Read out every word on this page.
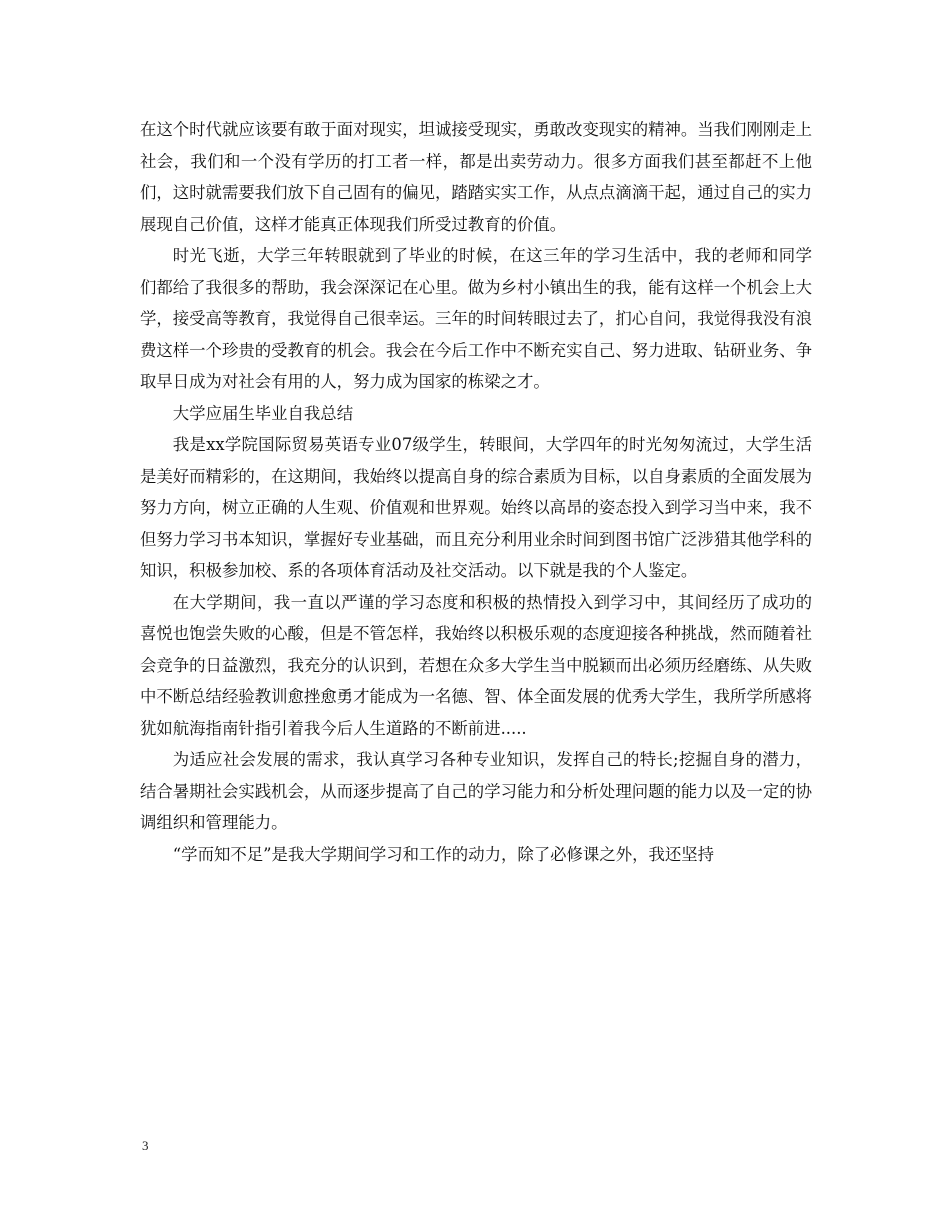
在这个时代就应该要有敢于面对现实，坦诚接受现实，勇敢改变现实的精神。当我们刚刚走上社会，我们和一个没有学历的打工者一样，都是出卖劳动力。很多方面我们甚至都赶不上他们，这时就需要我们放下自己固有的偏见，踏踏实实工作，从点点滴滴干起，通过自己的实力展现自己价值，这样才能真正体现我们所受过教育的价值。

时光飞逝，大学三年转眼就到了毕业的时候，在这三年的学习生活中，我的老师和同学们都给了我很多的帮助，我会深深记在心里。做为乡村小镇出生的我，能有这样一个机会上大学，接受高等教育，我觉得自己很幸运。三年的时间转眼过去了，扪心自问，我觉得我没有浪费这样一个珍贵的受教育的机会。我会在今后工作中不断充实自己、努力进取、钻研业务、争取早日成为对社会有用的人，努力成为国家的栋梁之才。

大学应届生毕业自我总结

我是xx学院国际贸易英语专业07级学生，转眼间，大学四年的时光匆匆流过，大学生活是美好而精彩的，在这期间，我始终以提高自身的综合素质为目标，以自身素质的全面发展为努力方向，树立正确的人生观、价值观和世界观。始终以高昂的姿态投入到学习当中来，我不但努力学习书本知识，掌握好专业基础，而且充分利用业余时间到图书馆广泛涉猎其他学科的知识，积极参加校、系的各项体育活动及社交活动。以下就是我的个人鉴定。

在大学期间，我一直以严谨的学习态度和积极的热情投入到学习中，其间经历了成功的喜悦也饱尝失败的心酸，但是不管怎样，我始终以积极乐观的态度迎接各种挑战，然而随着社会竞争的日益激烈，我充分的认识到，若想在众多大学生当中脱颖而出必须历经磨练、从失败中不断总结经验教训愈挫愈勇才能成为一名德、智、体全面发展的优秀大学生，我所学所感将犹如航海指南针指引着我今后人生道路的不断前进.....

为适应社会发展的需求，我认真学习各种专业知识，发挥自己的特长;挖掘自身的潜力，结合暑期社会实践机会，从而逐步提高了自己的学习能力和分析处理问题的能力以及一定的协调组织和管理能力。

“学而知不足”是我大学期间学习和工作的动力，除了必修课之外，我还坚持

3
